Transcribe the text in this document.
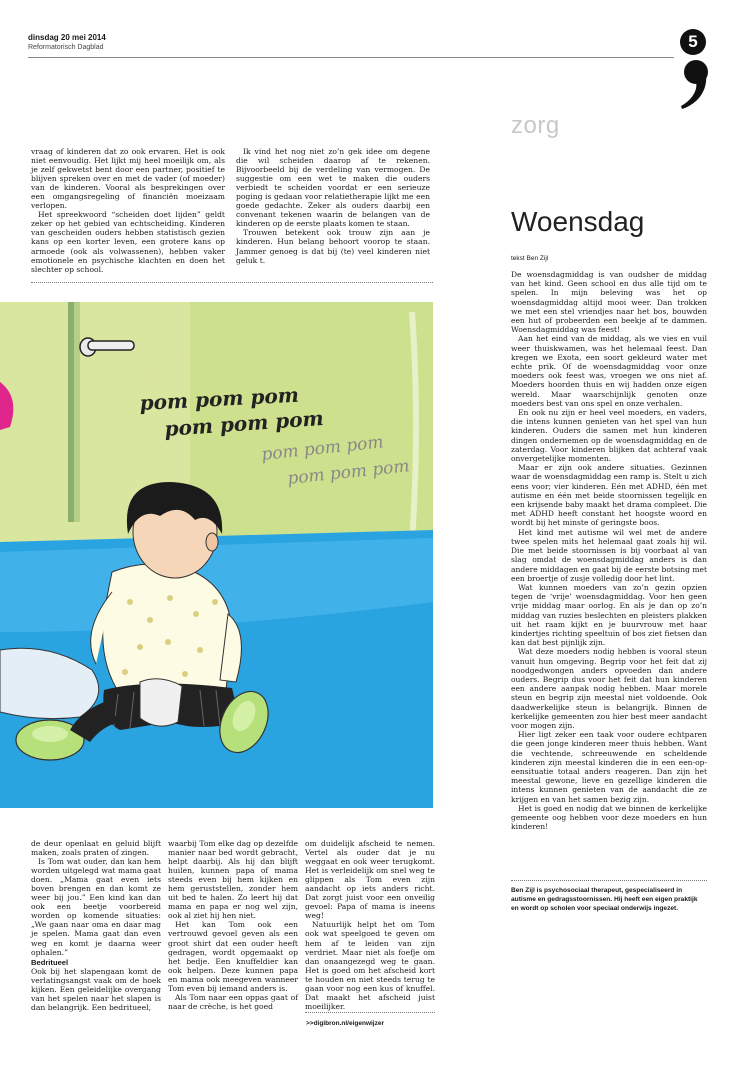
dinsdag 20 mei 2014
Reformatorisch Dagblad	5
zorg

vraag of kinderen dat zo ook ervaren. Het is ook niet eenvoudig. Het lijkt mij heel moeilijk om, als je zelf gekwetst bent door een partner, positief te blijven spreken over en met de vader (of moeder) van de kinderen. Vooral als besprekingen over een omgangsregeling of financiën moeizaam verlopen.

Het spreekwoord “scheiden doet lijden” geldt zeker op het gebied van echtscheiding. Kinderen van gescheiden ouders hebben statistisch gezien kans op een korter leven, een grotere kans op armoede (ook als volwassenen), hebben vaker emotionele en psychische klachten en doen het slechter op school.

Ik vind het nog niet zo’n gek idee om degene die wil scheiden daarop af te rekenen. Bijvoorbeeld bij de verdeling van vermogen. De suggestie om een wet te maken die ouders verbiedt te scheiden voordat er een serieuze poging is gedaan voor relatietherapie lijkt me een goede gedachte. Zeker als ouders daarbij een convenant tekenen waarin de belangen van de kinderen op de eerste plaats komen te staan.

Trouwen betekent ook trouw zijn aan je kinderen. Hun belang behoort voorop te staan. Jammer genoeg is dat bij (te) veel kinderen niet geluk t.

♪
♪
pom pom pom
pom pom pom
pom pom pom
pom pom pom

de deur openlaat en geluid blijft maken, zoals praten of zingen.

Is Tom wat ouder, dan kan hem worden uitgelegd wat mama gaat doen. „Mama gaat even iets boven brengen en dan komt ze weer bij jou.” Een kind kan dan ook een beetje voorbereid worden op komende situaties: „We gaan naar oma en daar mag je spelen. Mama gaat dan even weg en komt je daarna weer ophalen.”

Bedritueel

Ook bij het slapengaan komt de verlatingsangst vaak om de hoek kijken. Een geleidelijke overgang van het spelen naar het slapen is dan belangrijk. Een bedritueel,

waarbij Tom elke dag op dezelfde manier naar bed wordt gebracht, helpt daarbij. Als hij dan blijft huilen, kunnen papa of mama steeds even bij hem kijken en hem geruststellen, zonder hem uit bed te halen. Zo leert hij dat mama en papa er nog wel zijn, ook al ziet hij hen niet.

Het kan Tom ook een vertrouwd gevoel geven als een groot shirt dat een ouder heeft gedragen, wordt opgemaakt op het bedje. Een knuffeldier kan ook helpen. Deze kunnen papa en mama ook meegeven wanneer Tom even bij iemand anders is.

Als Tom naar een oppas gaat of naar de crèche, is het goed

om duidelijk afscheid te nemen. Vertel als ouder dat je nu weggaat en ook weer terugkomt. Het is verleidelijk om snel weg te glippen als Tom even zijn aandacht op iets anders richt. Dat zorgt juist voor een onveilig gevoel: Papa of mama is ineens weg!

Natuurlijk helpt het om Tom ook wat speelgoed te geven om hem af te leiden van zijn verdriet. Maar niet als foefje om dan onaangezegd weg te gaan. Het is goed om het afscheid kort te houden en niet steeds terug te gaan voor nog een kus of knuffel. Dat maakt het afscheid juist moeilijker.

>>digibron.nl/eigenwijzer
Woensdag
tekst Ben Zijl

De woensdagmiddag is van oudsher de middag van het kind. Geen school en dus alle tijd om te spelen. In mijn beleving was het op woensdagmiddag altijd mooi weer. Dan trokken we met een stel vriendjes naar het bos, bouwden een hut of probeerden een beekje af te dammen. Woensdagmiddag was feest!

Aan het eind van de middag, als we vies en vuil weer thuiskwamen, was het helemaal feest. Dan kregen we Exota, een soort gekleurd water met echte prik. Of de woensdagmiddag voor onze moeders ook feest was, vroegen we ons niet af. Moeders hoorden thuis en wij hadden onze eigen wereld. Maar waarschijnlijk genoten onze moeders best van ons spel en onze verhalen.

En ook nu zijn er heel veel moeders, en vaders, die intens kunnen genieten van het spel van hun kinderen. Ouders die samen met hun kinderen dingen ondernemen op de woensdagmiddag en de zaterdag. Voor kinderen blijken dat achteraf vaak onvergetelijke momenten.

Maar er zijn ook andere situaties. Gezinnen waar de woensdagmiddag een ramp is. Stelt u zich eens voor; vier kinderen. Eén met ADHD, één met autisme en één met beide stoornissen tegelijk en een krijsende baby maakt het drama compleet. Die met ADHD heeft constant het hoogste woord en wordt bij het minste of geringste boos.

Het kind met autisme wil wel met de andere twee spelen mits het helemaal gaat zoals hij wil. Die met beide stoornissen is bij voorbaat al van slag omdat de woensdagmiddag anders is dan andere middagen en gaat bij de eerste botsing met een broertje of zusje volledig door het lint.

Wat kunnen moeders van zo’n gezin opzien tegen de ‘vrije’ woensdagmiddag. Voor hen geen vrije middag maar oorlog. En als je dan op zo’n middag van ruzies beslechten en pleisters plakken uit het raam kijkt en je buurvrouw met haar kindertjes richting speeltuin of bos ziet fietsen dan kan dat best pijnlijk zijn.

Wat deze moeders nodig hebben is vooral steun vanuit hun omgeving. Begrip voor het feit dat zij noodgedwongen anders opvoeden dan andere ouders. Begrip dus voor het feit dat hun kinderen een andere aanpak nodig hebben. Maar morele steun en begrip zijn meestal niet voldoende. Ook daadwerkelijke steun is belangrijk. Binnen de kerkelijke gemeenten zou hier best meer aandacht voor mogen zijn.

Hier ligt zeker een taak voor oudere echtparen die geen jonge kinderen meer thuis hebben. Want die vechtende, schreeuwende en scheldende kinderen zijn meestal kinderen die in een een-op-eensituatie totaal anders reageren. Dan zijn het meestal gewone, lieve en gezellige kinderen die intens kunnen genieten van de aandacht die ze krijgen en van het samen bezig zijn.

Het is goed en nodig dat we binnen de kerkelijke gemeente oog hebben voor deze moeders en hun kinderen!

Ben Zijl is psychosociaal therapeut, gespecialiseerd in autisme en gedragsstoornissen. Hij heeft een eigen praktijk en wordt op scholen voor speciaal onderwijs ingezet.
